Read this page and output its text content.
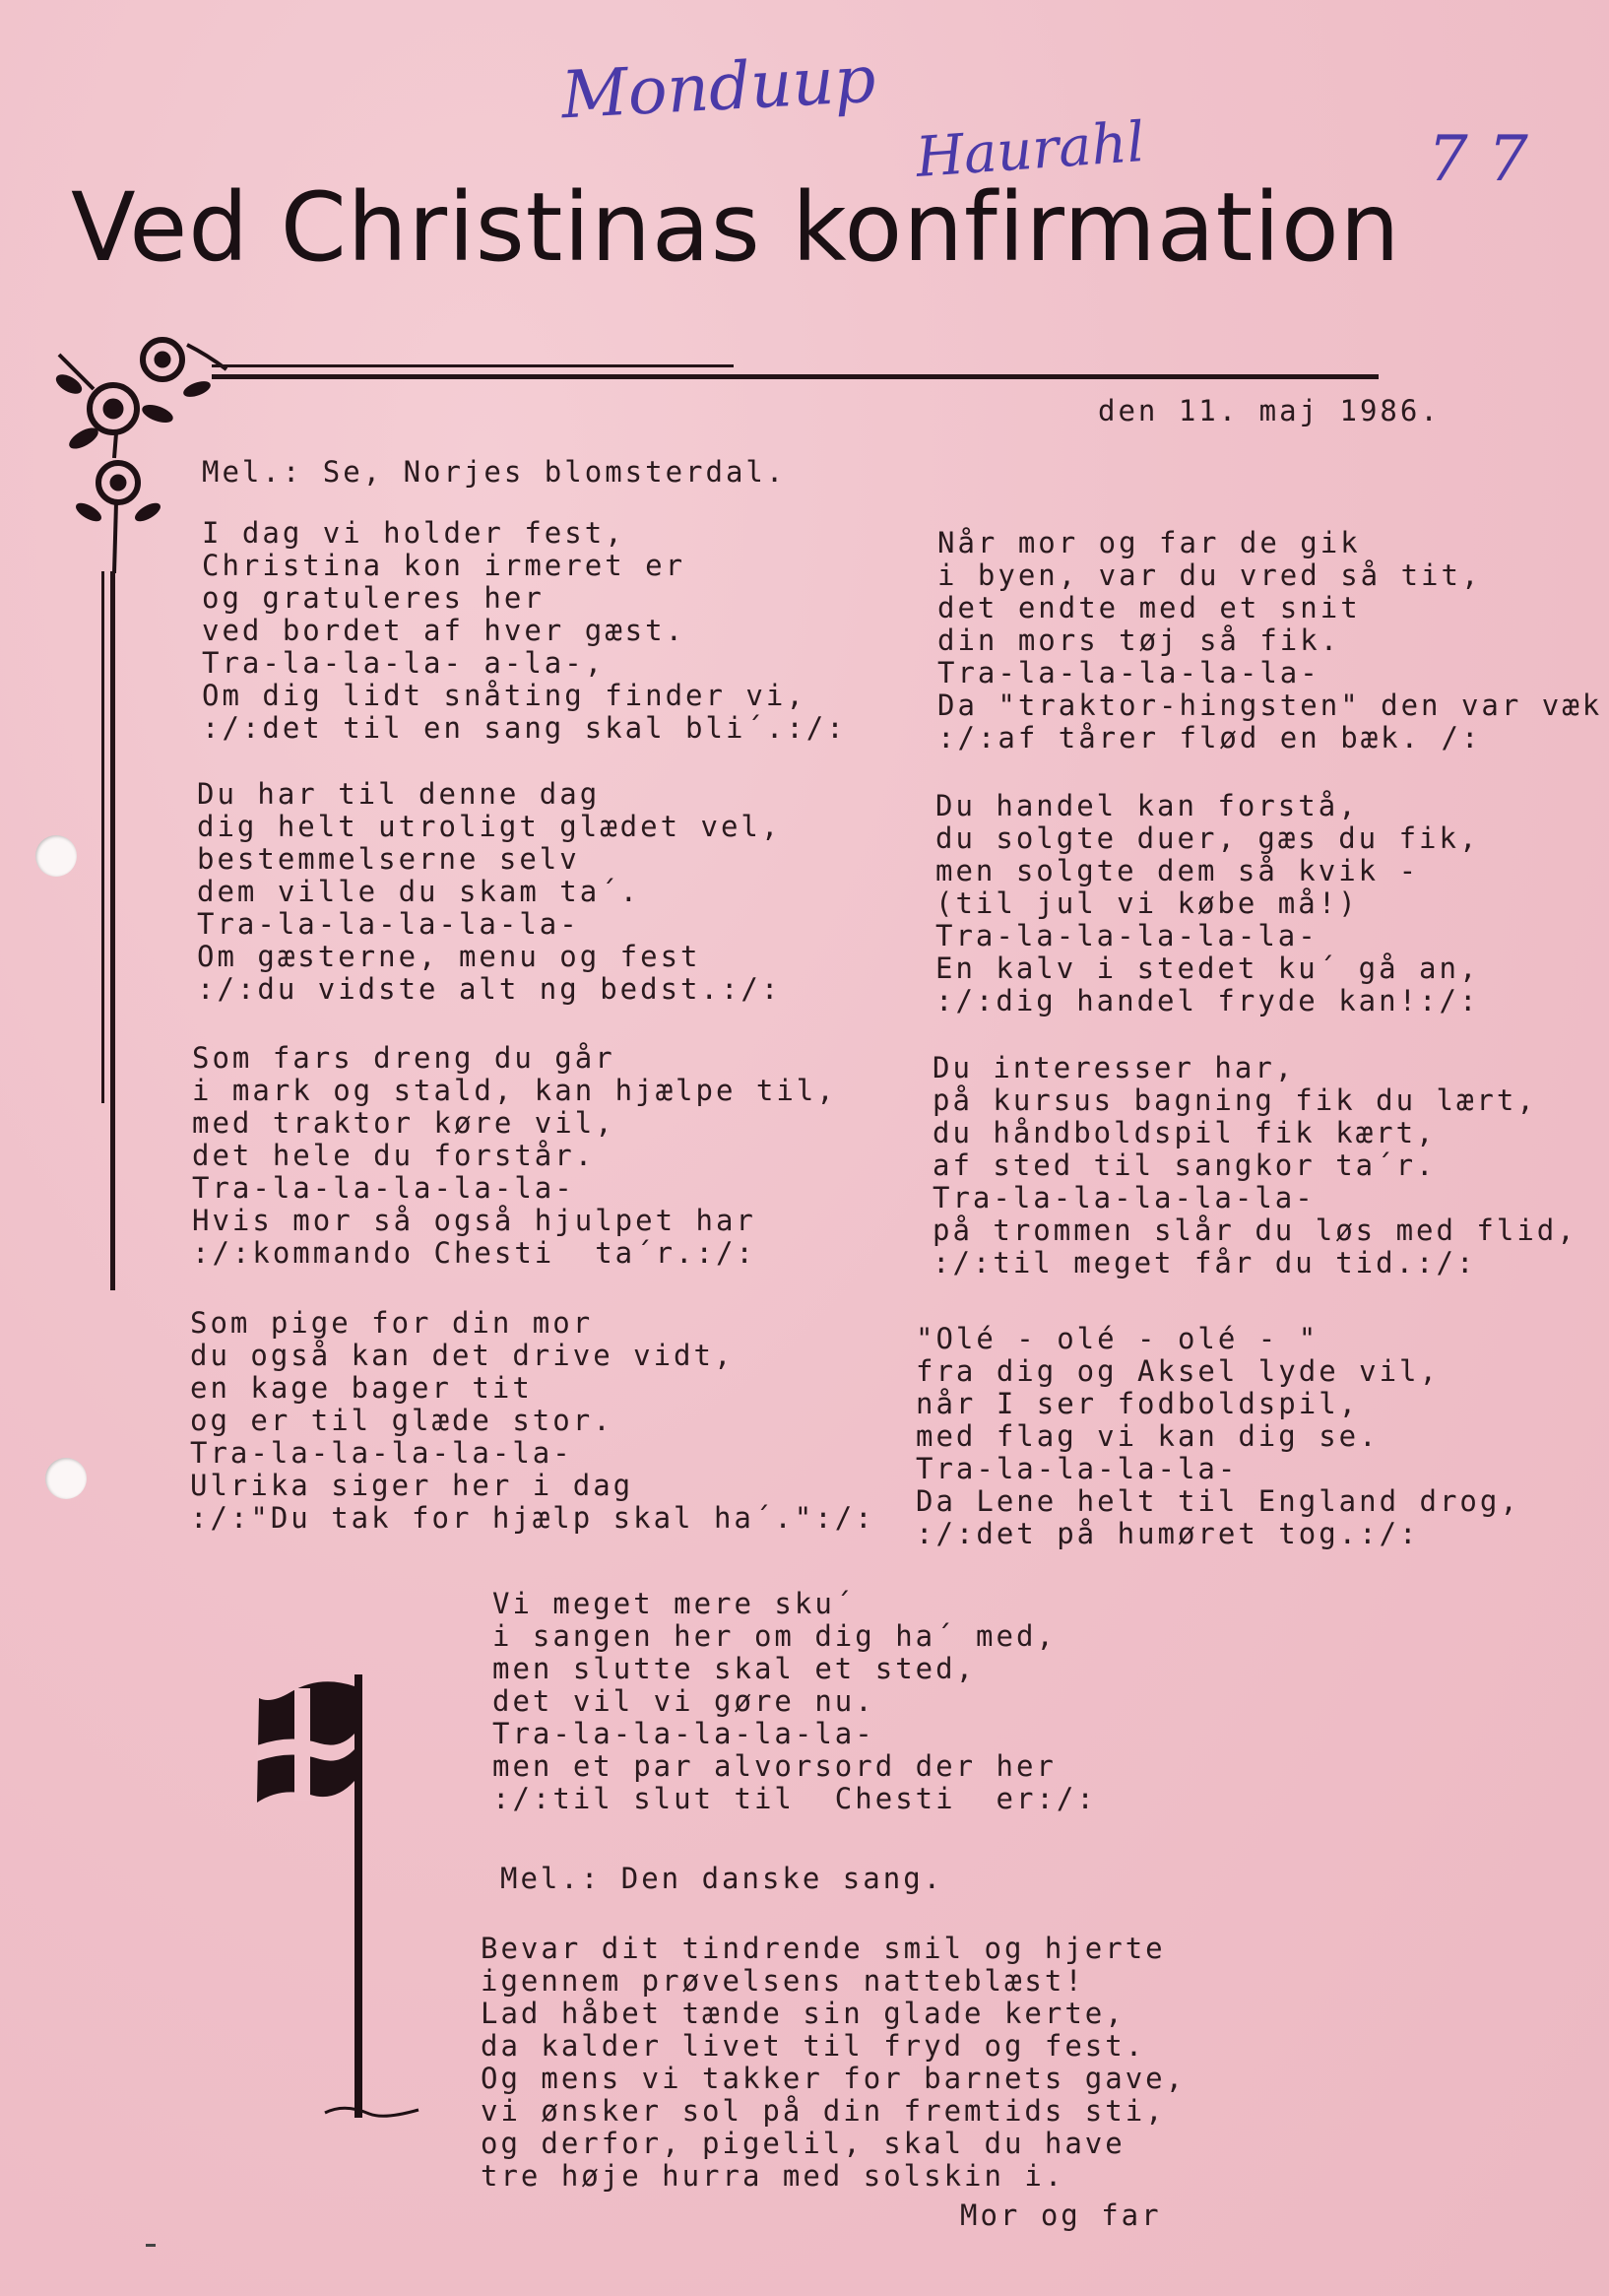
Monduup
Haurahl	7 7
Ved Christinas konfirmation
den 11. maj 1986.
Mel.: Se, Norjes blomsterdal.
I dag vi holder fest,
Christina kon irmeret er
og gratuleres her
ved bordet af hver gæst.
Tra-la-la-la- a-la-,
Om dig lidt snåting finder vi,
:/:det til en sang skal bli´.:/:
Du har til denne dag
dig helt utroligt glædet vel,
bestemmelserne selv
dem ville du skam ta´.
Tra-la-la-la-la-la-
Om gæsterne, menu og fest
:/:du vidste alt ng bedst.:/:
Som fars dreng du går
i mark og stald, kan hjælpe til,
med traktor køre vil,
det hele du forstår.
Tra-la-la-la-la-la-
Hvis mor så også hjulpet har
:/:kommando Chesti  ta´r.:/:
Som pige for din mor
du også kan det drive vidt,
en kage bager tit
og er til glæde stor.
Tra-la-la-la-la-la-
Ulrika siger her i dag
:/:"Du tak for hjælp skal ha´.":/:
Når mor og far de gik
i byen, var du vred så tit,
det endte med et snit
din mors tøj så fik.
Tra-la-la-la-la-la-
Da "traktor-hingsten" den var væk
:/:af tårer flød en bæk. /:
Du handel kan forstå,
du solgte duer, gæs du fik,
men solgte dem så kvik -
(til jul vi købe må!)
Tra-la-la-la-la-la-
En kalv i stedet ku´ gå an,
:/:dig handel fryde kan!:/:
Du interesser har,
på kursus bagning fik du lært,
du håndboldspil fik kært,
af sted til sangkor ta´r.
Tra-la-la-la-la-la-
på trommen slår du løs med flid,
:/:til meget får du tid.:/:
"Olé - olé - olé - "
fra dig og Aksel lyde vil,
når I ser fodboldspil,
med flag vi kan dig se.
Tra-la-la-la-la-
Da Lene helt til England drog,
:/:det på humøret tog.:/:
Vi meget mere sku´
i sangen her om dig ha´ med,
men slutte skal et sted,
det vil vi gøre nu.
Tra-la-la-la-la-la-
men et par alvorsord der her
:/:til slut til  Chesti  er:/:
Mel.: Den danske sang.
Bevar dit tindrende smil og hjerte
igennem prøvelsens natteblæst!
Lad håbet tænde sin glade kerte,
da kalder livet til fryd og fest.
Og mens vi takker for barnets gave,
vi ønsker sol på din fremtids sti,
og derfor, pigelil, skal du have
tre høje hurra med solskin i.
Mor og far
